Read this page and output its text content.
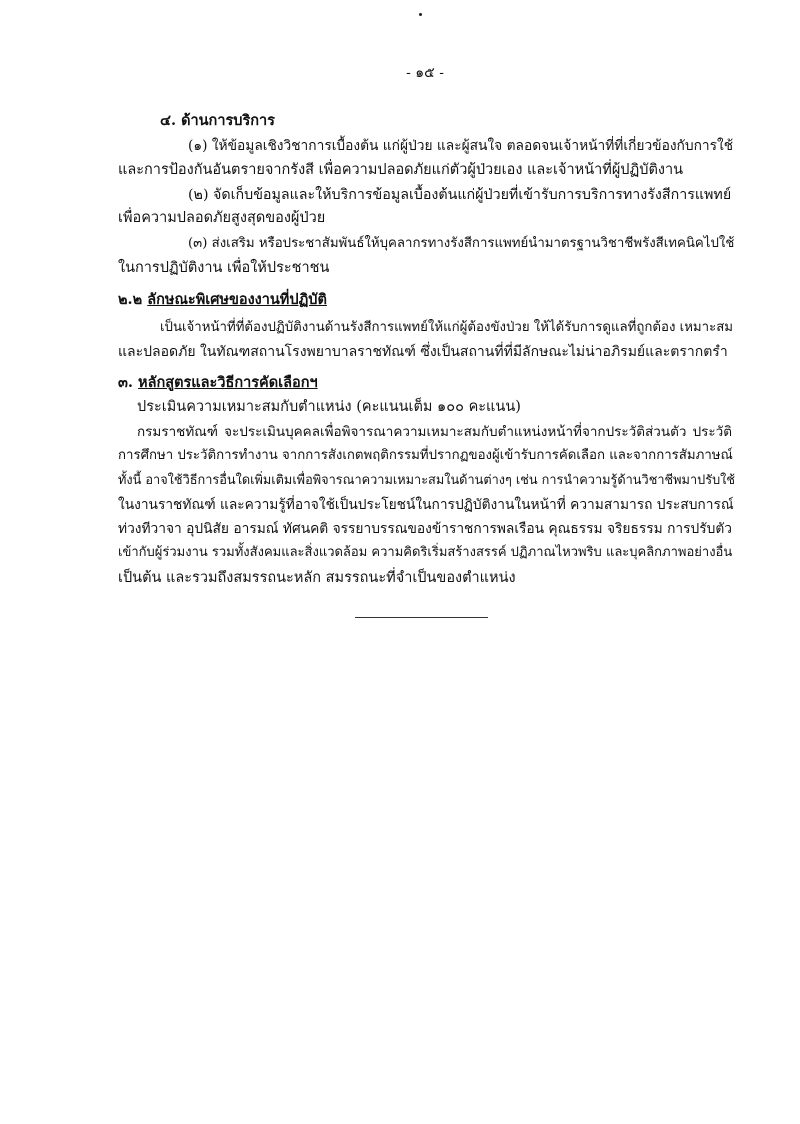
- ๑๕ -
๔. ด้านการบริการ
(๑) ให้ข้อมูลเชิงวิชาการเบื้องต้น แก่ผู้ป่วย และผู้สนใจ ตลอดจนเจ้าหน้าที่ที่เกี่ยวข้องกับการใช้
และการป้องกันอันตรายจากรังสี เพื่อความปลอดภัยแก่ตัวผู้ป่วยเอง และเจ้าหน้าที่ผู้ปฏิบัติงาน
(๒) จัดเก็บข้อมูลและให้บริการข้อมูลเบื้องต้นแก่ผู้ป่วยที่เข้ารับการบริการทางรังสีการแพทย์
เพื่อความปลอดภัยสูงสุดของผู้ป่วย
(๓) ส่งเสริม หรือประชาสัมพันธ์ให้บุคลากรทางรังสีการแพทย์นำมาตรฐานวิชาชีพรังสีเทคนิคไปใช้
ในการปฏิบัติงาน เพื่อให้ประชาชน
๒.๒ ลักษณะพิเศษของงานที่ปฏิบัติ
เป็นเจ้าหน้าที่ที่ต้องปฏิบัติงานด้านรังสีการแพทย์ให้แก่ผู้ต้องขังป่วย ให้ได้รับการดูแลที่ถูกต้อง เหมาะสม
และปลอดภัย ในทัณฑสถานโรงพยาบาลราชทัณฑ์ ซึ่งเป็นสถานที่ที่มีลักษณะไม่น่าอภิรมย์และตรากตรำ
๓. หลักสูตรและวิธีการคัดเลือกฯ
ประเมินความเหมาะสมกับตำแหน่ง (คะแนนเต็ม ๑๐๐ คะแนน)
กรมราชทัณฑ์ จะประเมินบุคคลเพื่อพิจารณาความเหมาะสมกับตำแหน่งหน้าที่จากประวัติส่วนตัว ประวัติ
การศึกษา ประวัติการทำงาน จากการสังเกตพฤติกรรมที่ปรากฏของผู้เข้ารับการคัดเลือก และจากการสัมภาษณ์
ทั้งนี้ อาจใช้วิธีการอื่นใดเพิ่มเติมเพื่อพิจารณาความเหมาะสมในด้านต่างๆ เช่น การนำความรู้ด้านวิชาชีพมาปรับใช้
ในงานราชทัณฑ์ และความรู้ที่อาจใช้เป็นประโยชน์ในการปฏิบัติงานในหน้าที่ ความสามารถ ประสบการณ์
ท่วงทีวาจา อุปนิสัย อารมณ์ ทัศนคติ จรรยาบรรณของข้าราชการพลเรือน คุณธรรม จริยธรรม การปรับตัว
เข้ากับผู้ร่วมงาน รวมทั้งสังคมและสิ่งแวดล้อม ความคิดริเริ่มสร้างสรรค์ ปฏิภาณไหวพริบ และบุคลิกภาพอย่างอื่น
เป็นต้น และรวมถึงสมรรถนะหลัก สมรรถนะที่จำเป็นของตำแหน่ง
